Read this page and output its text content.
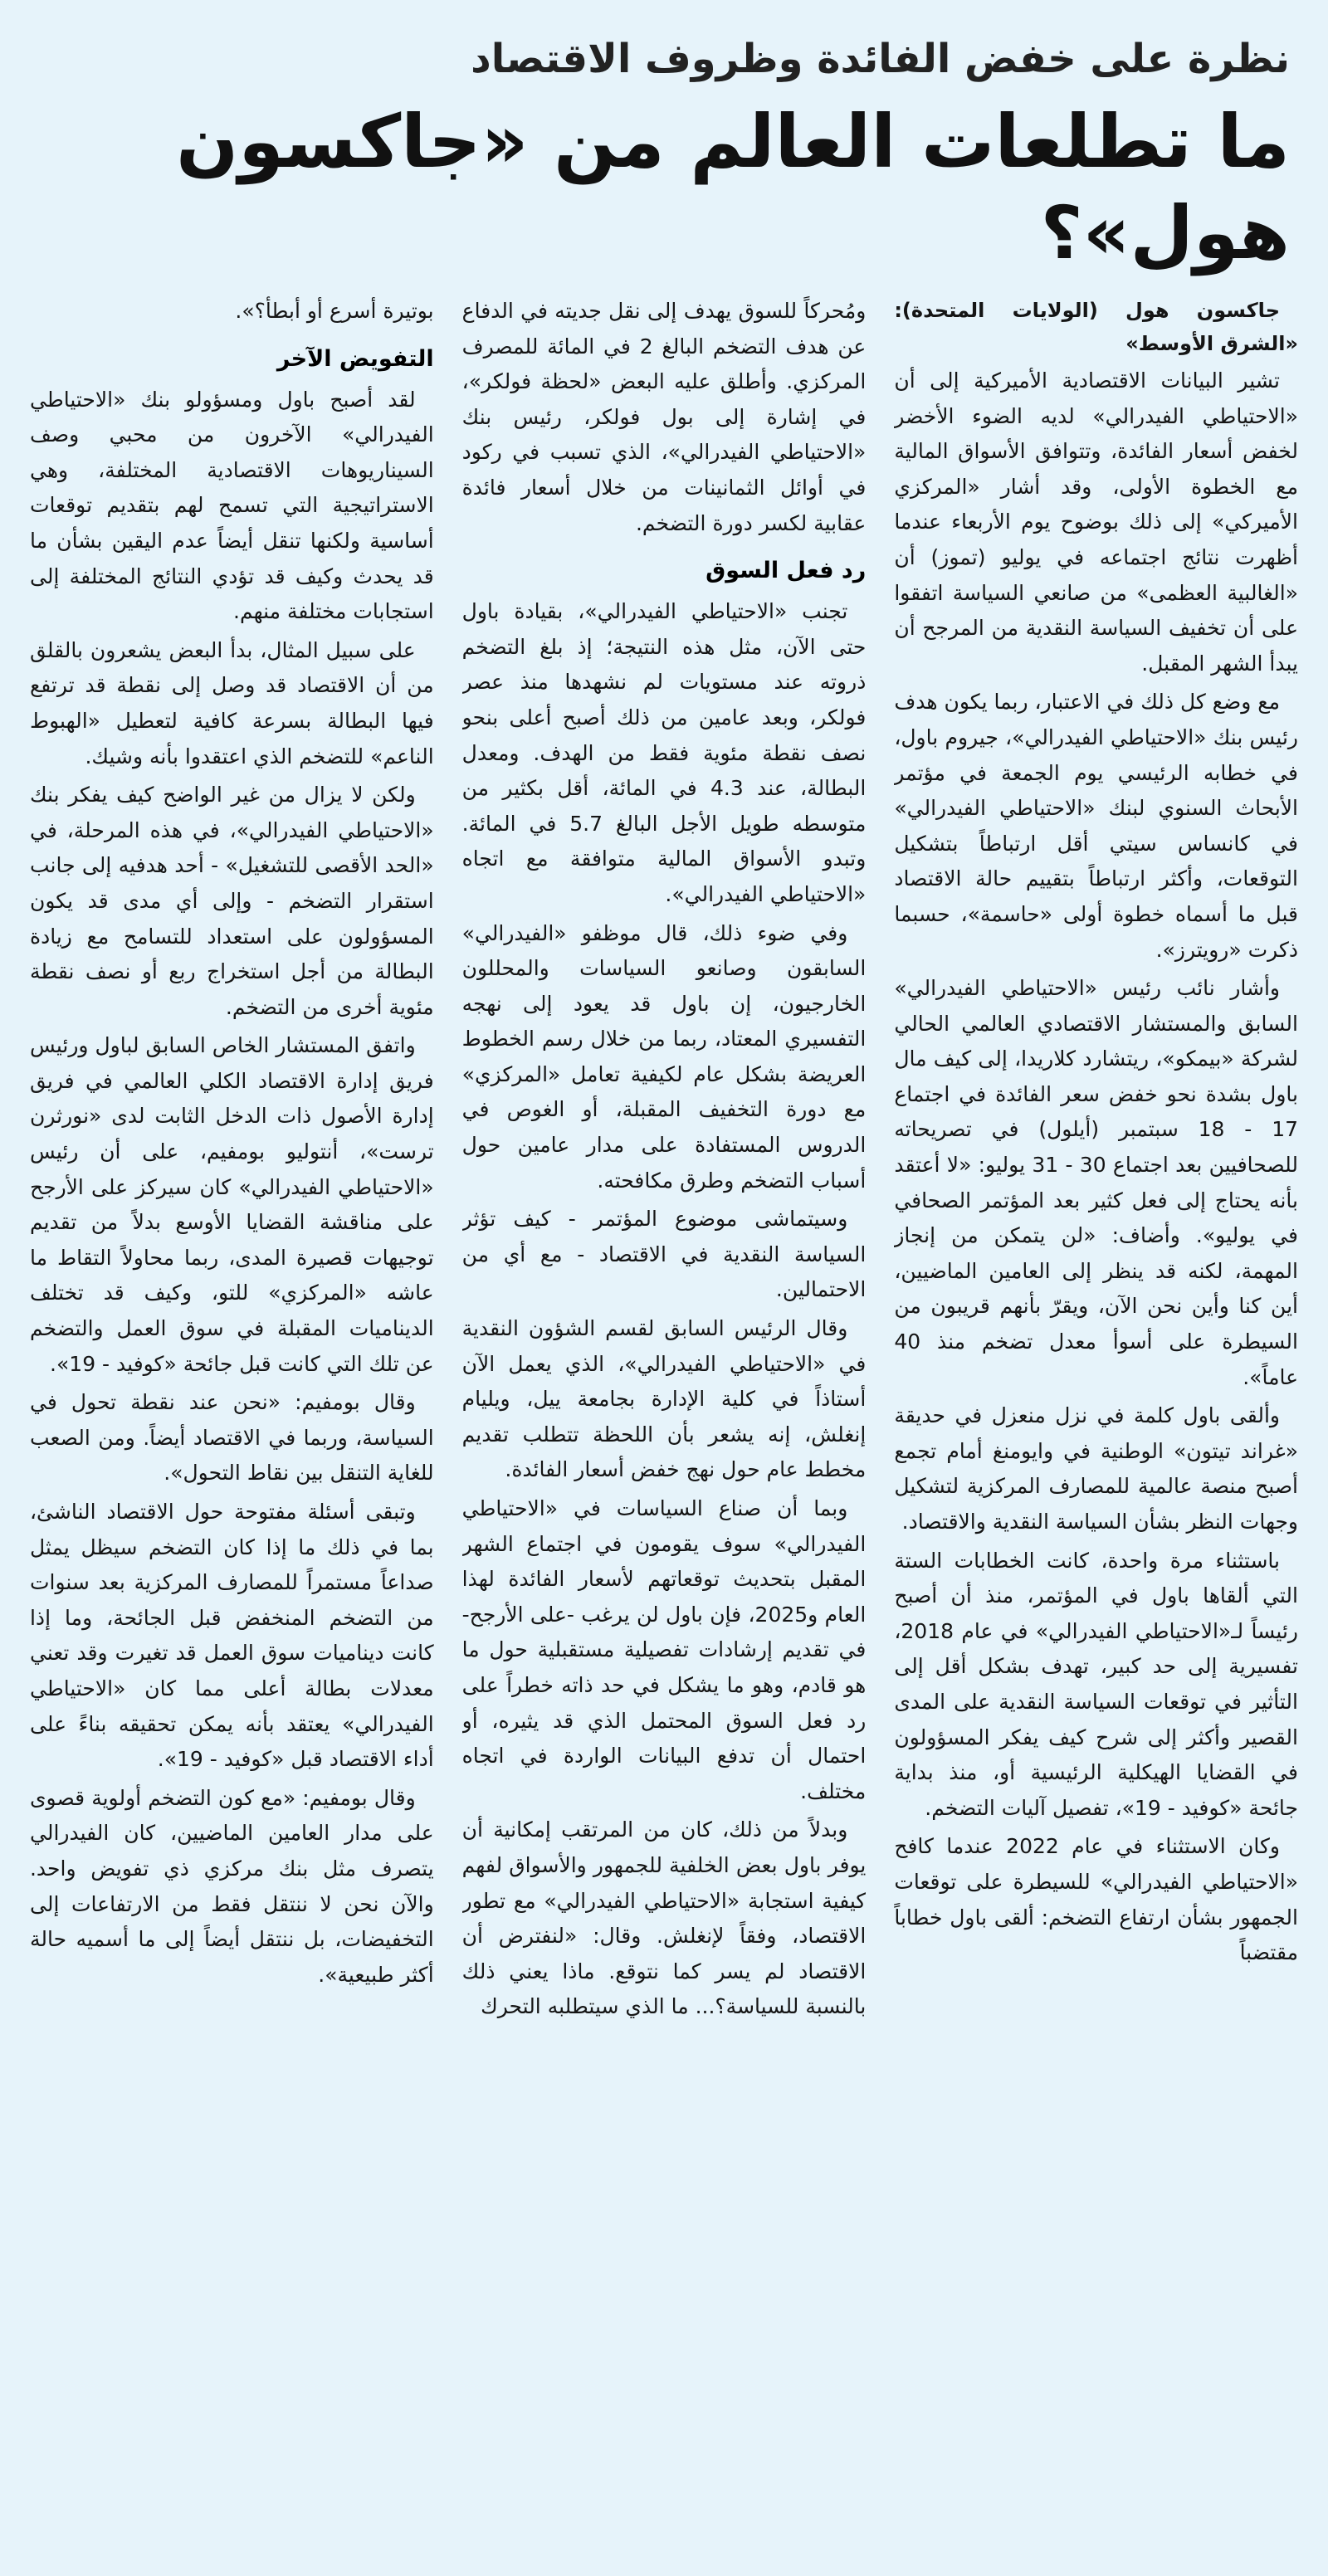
نظرة على خفض الفائدة وظروف الاقتصاد
ما تطلعات العالم من «جاكسون هول»؟

جاكسون هول (الولايات المتحدة): «الشرق الأوسط»

تشير البيانات الاقتصادية الأميركية إلى أن «الاحتياطي الفيدرالي» لديه الضوء الأخضر لخفض أسعار الفائدة، وتتوافق الأسواق المالية مع الخطوة الأولى، وقد أشار «المركزي الأميركي» إلى ذلك بوضوح يوم الأربعاء عندما أظهرت نتائج اجتماعه في يوليو (تموز) أن «الغالبية العظمى» من صانعي السياسة اتفقوا على أن تخفيف السياسة النقدية من المرجح أن يبدأ الشهر المقبل.

مع وضع كل ذلك في الاعتبار، ربما يكون هدف رئيس بنك «الاحتياطي الفيدرالي»، جيروم باول، في خطابه الرئيسي يوم الجمعة في مؤتمر الأبحاث السنوي لبنك «الاحتياطي الفيدرالي» في كانساس سيتي أقل ارتباطاً بتشكيل التوقعات، وأكثر ارتباطاً بتقييم حالة الاقتصاد قبل ما أسماه خطوة أولى «حاسمة»، حسبما ذكرت «رويترز».

وأشار نائب رئيس «الاحتياطي الفيدرالي» السابق والمستشار الاقتصادي العالمي الحالي لشركة «بيمكو»، ريتشارد كلاريدا، إلى كيف مال باول بشدة نحو خفض سعر الفائدة في اجتماع 17 - 18 سبتمبر (أيلول) في تصريحاته للصحافيين بعد اجتماع 30 - 31 يوليو: «لا أعتقد بأنه يحتاج إلى فعل كثير بعد المؤتمر الصحافي في يوليو». وأضاف: «لن يتمكن من إنجاز المهمة، لكنه قد ينظر إلى العامين الماضيين، أين كنا وأين نحن الآن، ويقرّ بأنهم قريبون من السيطرة على أسوأ معدل تضخم منذ 40 عاماً».

وألقى باول كلمة في نزل منعزل في حديقة «غراند تيتون» الوطنية في وايومنغ أمام تجمع أصبح منصة عالمية للمصارف المركزية لتشكيل وجهات النظر بشأن السياسة النقدية والاقتصاد.

باستثناء مرة واحدة، كانت الخطابات الستة التي ألقاها باول في المؤتمر، منذ أن أصبح رئيساً لـ«الاحتياطي الفيدرالي» في عام 2018، تفسيرية إلى حد كبير، تهدف بشكل أقل إلى التأثير في توقعات السياسة النقدية على المدى القصير وأكثر إلى شرح كيف يفكر المسؤولون في القضايا الهيكلية الرئيسية أو، منذ بداية جائحة «كوفيد - 19»، تفصيل آليات التضخم.

وكان الاستثناء في عام 2022 عندما كافح «الاحتياطي الفيدرالي» للسيطرة على توقعات الجمهور بشأن ارتفاع التضخم: ألقى باول خطاباً مقتضباً

ومُحركاً للسوق يهدف إلى نقل جديته في الدفاع عن هدف التضخم البالغ 2 في المائة للمصرف المركزي. وأطلق عليه البعض «لحظة فولكر»، في إشارة إلى بول فولكر، رئيس بنك «الاحتياطي الفيدرالي»، الذي تسبب في ركود في أوائل الثمانينات من خلال أسعار فائدة عقابية لكسر دورة التضخم.

رد فعل السوق

تجنب «الاحتياطي الفيدرالي»، بقيادة باول حتى الآن، مثل هذه النتيجة؛ إذ بلغ التضخم ذروته عند مستويات لم نشهدها منذ عصر فولكر، وبعد عامين من ذلك أصبح أعلى بنحو نصف نقطة مئوية فقط من الهدف. ومعدل البطالة، عند 4.3 في المائة، أقل بكثير من متوسطه طويل الأجل البالغ 5.7 في المائة. وتبدو الأسواق المالية متوافقة مع اتجاه «الاحتياطي الفيدرالي».

وفي ضوء ذلك، قال موظفو «الفيدرالي» السابقون وصانعو السياسات والمحللون الخارجيون، إن باول قد يعود إلى نهجه التفسيري المعتاد، ربما من خلال رسم الخطوط العريضة بشكل عام لكيفية تعامل «المركزي» مع دورة التخفيف المقبلة، أو الغوص في الدروس المستفادة على مدار عامين حول أسباب التضخم وطرق مكافحته.

وسيتماشى موضوع المؤتمر - كيف تؤثر السياسة النقدية في الاقتصاد - مع أي من الاحتمالين.

وقال الرئيس السابق لقسم الشؤون النقدية في «الاحتياطي الفيدرالي»، الذي يعمل الآن أستاذاً في كلية الإدارة بجامعة ييل، ويليام إنغلش، إنه يشعر بأن اللحظة تتطلب تقديم مخطط عام حول نهج خفض أسعار الفائدة.

وبما أن صناع السياسات في «الاحتياطي الفيدرالي» سوف يقومون في اجتماع الشهر المقبل بتحديث توقعاتهم لأسعار الفائدة لهذا العام و2025، فإن باول لن يرغب -على الأرجح- في تقديم إرشادات تفصيلية مستقبلية حول ما هو قادم، وهو ما يشكل في حد ذاته خطراً على رد فعل السوق المحتمل الذي قد يثيره، أو احتمال أن تدفع البيانات الواردة في اتجاه مختلف.

وبدلاً من ذلك، كان من المرتقب إمكانية أن يوفر باول بعض الخلفية للجمهور والأسواق لفهم كيفية استجابة «الاحتياطي الفيدرالي» مع تطور الاقتصاد، وفقاً لإنغلش. وقال: «لنفترض أن الاقتصاد لم يسر كما نتوقع. ماذا يعني ذلك بالنسبة للسياسة؟... ما الذي سيتطلبه التحرك

بوتيرة أسرع أو أبطأ؟».

التفويض الآخر

لقد أصبح باول ومسؤولو بنك «الاحتياطي الفيدرالي» الآخرون من محبي وصف السيناريوهات الاقتصادية المختلفة، وهي الاستراتيجية التي تسمح لهم بتقديم توقعات أساسية ولكنها تنقل أيضاً عدم اليقين بشأن ما قد يحدث وكيف قد تؤدي النتائج المختلفة إلى استجابات مختلفة منهم.

على سبيل المثال، بدأ البعض يشعرون بالقلق من أن الاقتصاد قد وصل إلى نقطة قد ترتفع فيها البطالة بسرعة كافية لتعطيل «الهبوط الناعم» للتضخم الذي اعتقدوا بأنه وشيك.

ولكن لا يزال من غير الواضح كيف يفكر بنك «الاحتياطي الفيدرالي»، في هذه المرحلة، في «الحد الأقصى للتشغيل» - أحد هدفيه إلى جانب استقرار التضخم - وإلى أي مدى قد يكون المسؤولون على استعداد للتسامح مع زيادة البطالة من أجل استخراج ربع أو نصف نقطة مئوية أخرى من التضخم.

واتفق المستشار الخاص السابق لباول ورئيس فريق إدارة الاقتصاد الكلي العالمي في فريق إدارة الأصول ذات الدخل الثابت لدى «نورثرن ترست»، أنتوليو بومفيم، على أن رئيس «الاحتياطي الفيدرالي» كان سيركز على الأرجح على مناقشة القضايا الأوسع بدلاً من تقديم توجيهات قصيرة المدى، ربما محاولاً التقاط ما عاشه «المركزي» للتو، وكيف قد تختلف الديناميات المقبلة في سوق العمل والتضخم عن تلك التي كانت قبل جائحة «كوفيد - 19».

وقال بومفيم: «نحن عند نقطة تحول في السياسة، وربما في الاقتصاد أيضاً. ومن الصعب للغاية التنقل بين نقاط التحول».

وتبقى أسئلة مفتوحة حول الاقتصاد الناشئ، بما في ذلك ما إذا كان التضخم سيظل يمثل صداعاً مستمراً للمصارف المركزية بعد سنوات من التضخم المنخفض قبل الجائحة، وما إذا كانت ديناميات سوق العمل قد تغيرت وقد تعني معدلات بطالة أعلى مما كان «الاحتياطي الفيدرالي» يعتقد بأنه يمكن تحقيقه بناءً على أداء الاقتصاد قبل «كوفيد - 19».

وقال بومفيم: «مع كون التضخم أولوية قصوى على مدار العامين الماضيين، كان الفيدرالي يتصرف مثل بنك مركزي ذي تفويض واحد. والآن نحن لا ننتقل فقط من الارتفاعات إلى التخفيضات، بل ننتقل أيضاً إلى ما أسميه حالة أكثر طبيعية».
